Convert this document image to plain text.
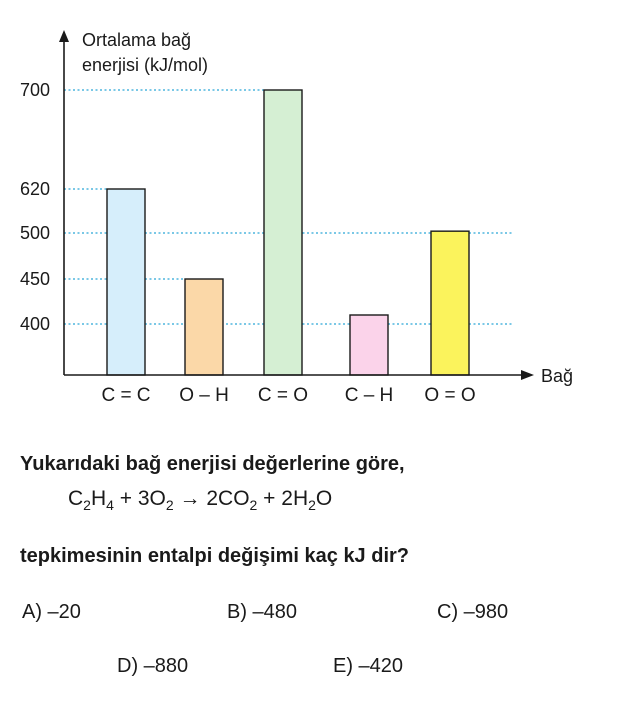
Ortalama bağ
enerjisi (kJ/mol)
Bağ
700
620
500
450
400
C = C O – H C = O C – H O = O
Yukarıdaki bağ enerjisi değerlerine göre,
$C_2H_4 + 3O_2 \to 2CO_2 + 2H_2O$
tepkimesinin entalpi değişimi kaç kJ dir?
A) –20	B) –480	C) –980
D) –880	E) –420
